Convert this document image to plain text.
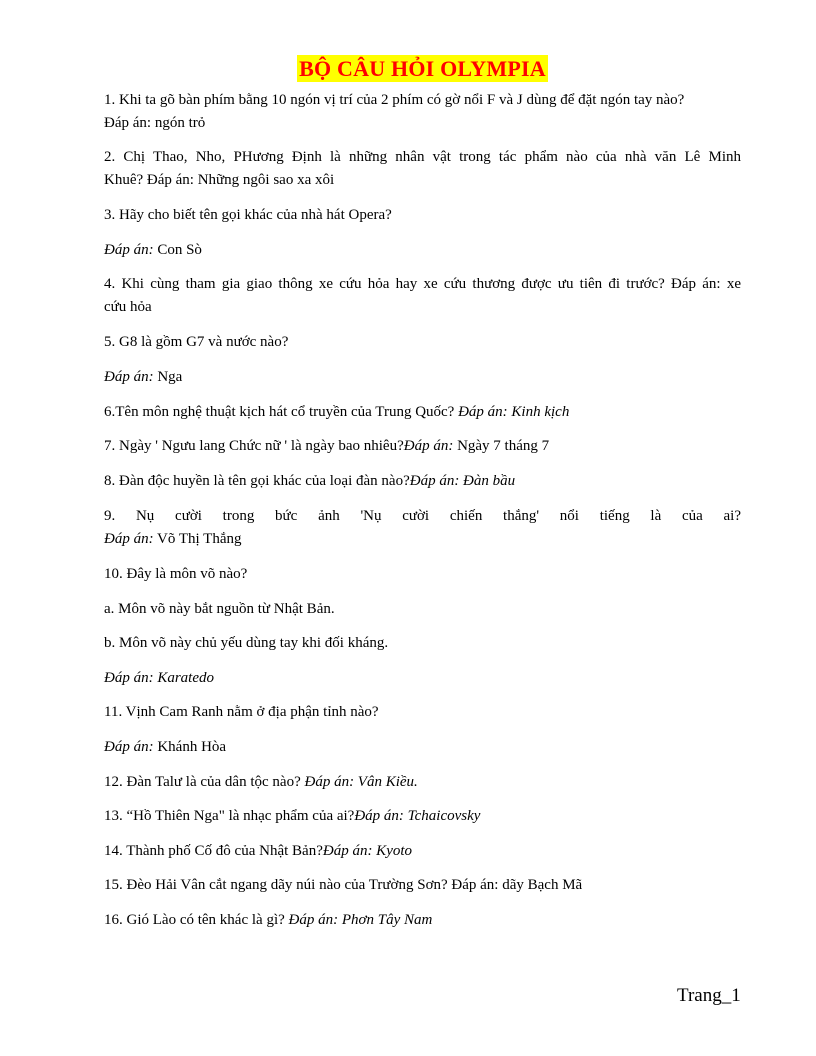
BỘ CÂU HỎI OLYMPIA
1. Khi ta gõ bàn phím bằng 10 ngón vị trí của 2 phím có gờ nổi F và J dùng để đặt ngón tay nào?
Đáp án: ngón trỏ
2. Chị Thao, Nho, PHương Định là những nhân vật trong tác phẩm nào của nhà văn Lê Minh
Khuê? Đáp án: Những ngôi sao xa xôi
3. Hãy cho biết tên gọi khác của nhà hát Opera?
Đáp án: Con Sò
4. Khi cùng tham gia giao thông xe cứu hỏa hay xe cứu thương được ưu tiên đi trước? Đáp án: xe
cứu hỏa
5. G8 là gồm G7 và nước nào?
Đáp án: Nga
6.Tên môn nghệ thuật kịch hát cổ truyền của Trung Quốc? Đáp án: Kinh kịch
7. Ngày ' Ngưu lang Chức nữ ' là ngày bao nhiêu?Đáp án: Ngày 7 tháng 7
8. Đàn độc huyền là tên gọi khác của loại đàn nào?Đáp án: Đàn bầu
9. Nụ cười trong bức ảnh 'Nụ cười chiến thắng' nổi tiếng là của ai?
Đáp án: Võ Thị Thắng
10. Đây là môn võ nào?
a. Môn võ này bắt nguồn từ Nhật Bản.
b. Môn võ này chủ yếu dùng tay khi đối kháng.
Đáp án: Karatedo
11. Vịnh Cam Ranh nằm ở địa phận tỉnh nào?
Đáp án: Khánh Hòa
12. Đàn Talư là của dân tộc nào? Đáp án: Vân Kiều.
13. “Hồ Thiên Nga" là nhạc phẩm của ai?Đáp án: Tchaicovsky
14. Thành phố Cố đô của Nhật Bản?Đáp án: Kyoto
15. Đèo Hải Vân cắt ngang dãy núi nào của Trường Sơn? Đáp án: dãy Bạch Mã
16. Gió Lào có tên khác là gì? Đáp án: Phơn Tây Nam
Trang_1
